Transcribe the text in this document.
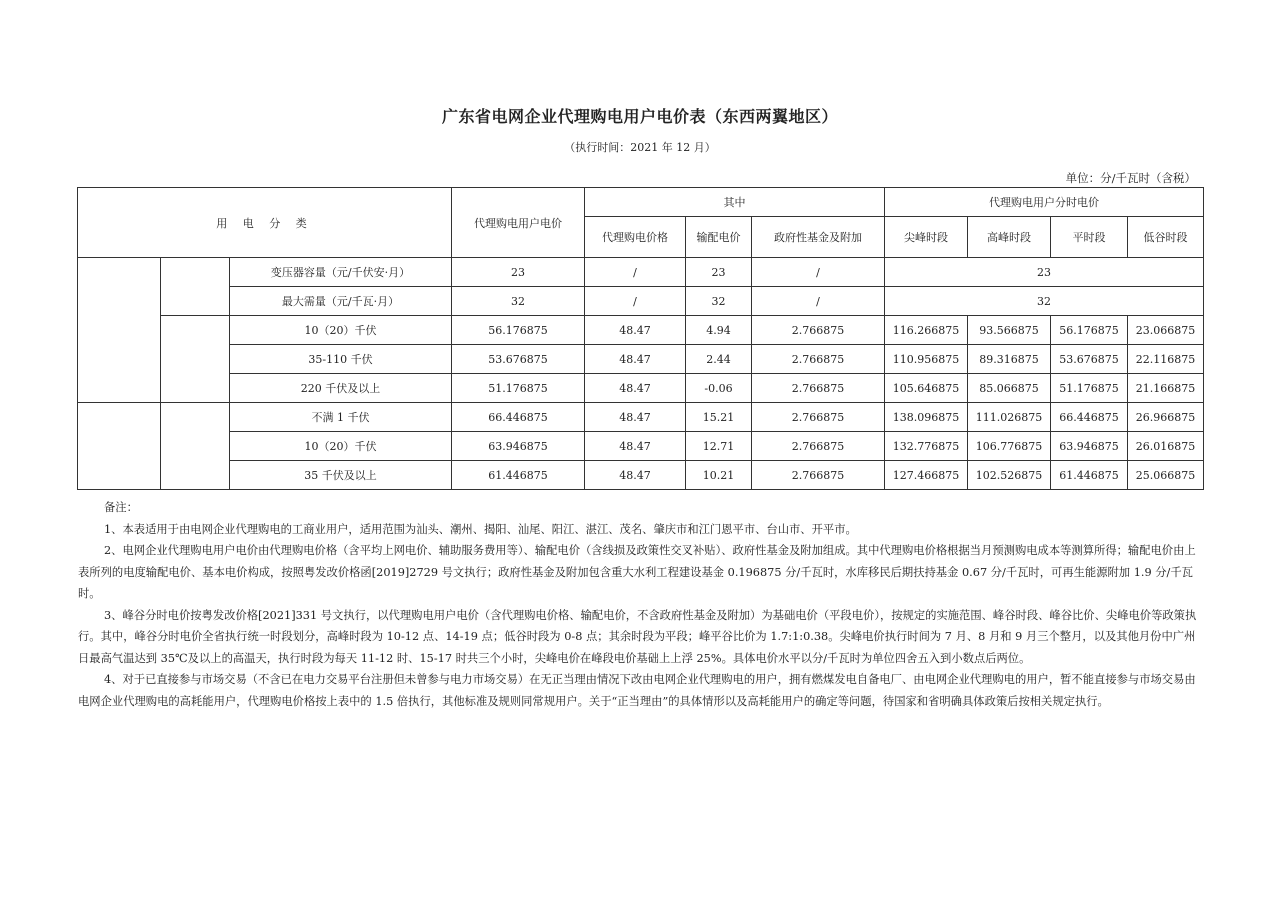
广东省电网企业代理购电用户电价表（东西两翼地区）
（执行时间：2021 年 12 月）
单位：分/千瓦时（含税）
用 电 分 类			代理购电用户电价	其中			代理购电用户分时电价			
				代理购电价格	输配电价	政府性基金及附加	尖峰时段	高峰时段	平时段	低谷时段
		变压器容量（元/千伏安·月）	23	/	23	/	23			
		最大需量（元/千瓦·月）	32	/	32	/	32			
		10（20）千伏	56.176875	48.47	4.94	2.766875	116.266875	93.566875	56.176875	23.066875
		35-110 千伏	53.676875	48.47	2.44	2.766875	110.956875	89.316875	53.676875	22.116875
		220 千伏及以上	51.176875	48.47	-0.06	2.766875	105.646875	85.066875	51.176875	21.166875
		不满 1 千伏	66.446875	48.47	15.21	2.766875	138.096875	111.026875	66.446875	26.966875
		10（20）千伏	63.946875	48.47	12.71	2.766875	132.776875	106.776875	63.946875	26.016875
		35 千伏及以上	61.446875	48.47	10.21	2.766875	127.466875	102.526875	61.446875	25.066875
备注：

1、本表适用于由电网企业代理购电的工商业用户，适用范围为汕头、潮州、揭阳、汕尾、阳江、湛江、茂名、肇庆市和江门恩平市、台山市、开平市。

2、电网企业代理购电用户电价由代理购电价格（含平均上网电价、辅助服务费用等）、输配电价（含线损及政策性交叉补贴）、政府性基金及附加组成。其中代理购电价格根据当月预测购电成本等测算所得；输配电价由上表所列的电度输配电价、基本电价构成，按照粤发改价格函[2019]2729 号文执行；政府性基金及附加包含重大水利工程建设基金 0.196875 分/千瓦时，水库移民后期扶持基金 0.67 分/千瓦时，可再生能源附加 1.9 分/千瓦时。

3、峰谷分时电价按粤发改价格[2021]331 号文执行，以代理购电用户电价（含代理购电价格、输配电价，不含政府性基金及附加）为基础电价（平段电价），按规定的实施范围、峰谷时段、峰谷比价、尖峰电价等政策执行。其中，峰谷分时电价全省执行统一时段划分，高峰时段为 10-12 点、14-19 点；低谷时段为 0-8 点；其余时段为平段；峰平谷比价为 1.7:1:0.38。尖峰电价执行时间为 7 月、8 月和 9 月三个整月，以及其他月份中广州日最高气温达到 35℃及以上的高温天，执行时段为每天 11-12 时、15-17 时共三个小时，尖峰电价在峰段电价基础上上浮 25%。具体电价水平以分/千瓦时为单位四舍五入到小数点后两位。

4、对于已直接参与市场交易（不含已在电力交易平台注册但未曾参与电力市场交易）在无正当理由情况下改由电网企业代理购电的用户，拥有燃煤发电自备电厂、由电网企业代理购电的用户，暂不能直接参与市场交易由电网企业代理购电的高耗能用户，代理购电价格按上表中的 1.5 倍执行，其他标准及规则同常规用户。关于“正当理由”的具体情形以及高耗能用户的确定等问题，待国家和省明确具体政策后按相关规定执行。
